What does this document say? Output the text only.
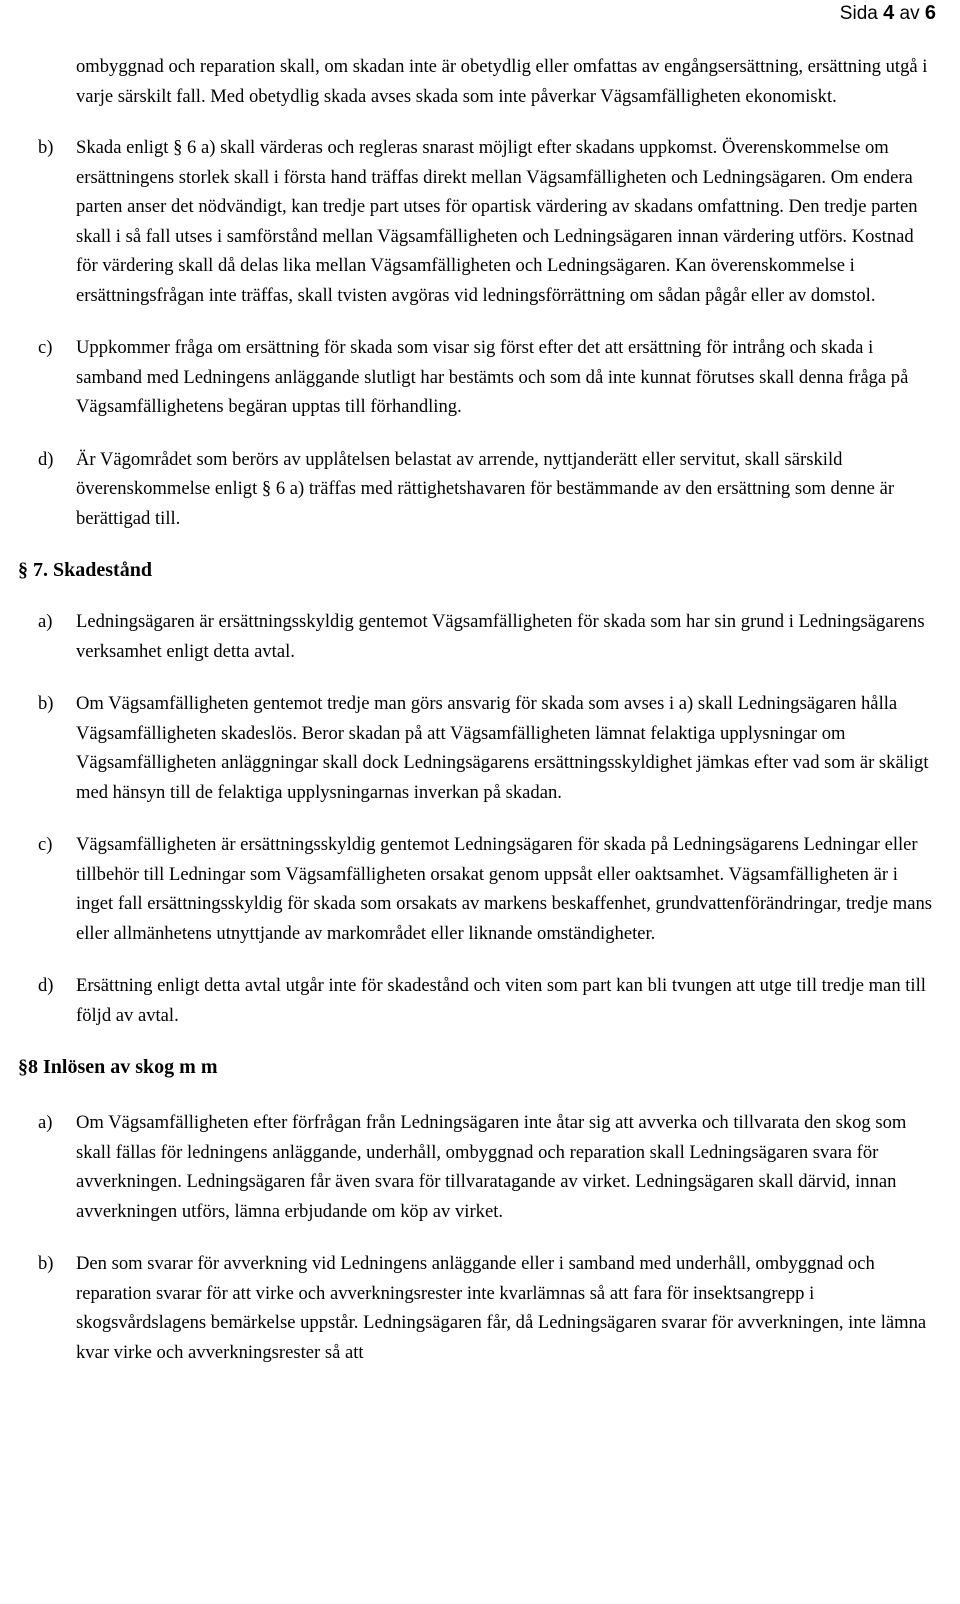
Sida 4 av 6

ombyggnad och reparation skall, om skadan inte är obetydlig eller omfattas av engångsersättning, ersättning utgå i varje särskilt fall. Med obetydlig skada avses skada som inte påverkar Vägsamfälligheten ekonomiskt.

b)	Skada enligt § 6 a) skall värderas och regleras snarast möjligt efter skadans uppkomst. Överenskommelse om ersättningens storlek skall i första hand träffas direkt mellan Vägsamfälligheten och Ledningsägaren. Om endera parten anser det nödvändigt, kan tredje part utses för opartisk värdering av skadans omfattning. Den tredje parten skall i så fall utses i samförstånd mellan Vägsamfälligheten och Ledningsägaren innan värdering utförs. Kostnad för värdering skall då delas lika mellan Vägsamfälligheten och Ledningsägaren. Kan överenskommelse i ersättningsfrågan inte träffas, skall tvisten avgöras vid ledningsförrättning om sådan pågår eller av domstol.
c)	Uppkommer fråga om ersättning för skada som visar sig först efter det att ersättning för intrång och skada i samband med Ledningens anläggande slutligt har bestämts och som då inte kunnat förutses skall denna fråga på Vägsamfällighetens begäran upptas till förhandling.
d)	Är Vägområdet som berörs av upplåtelsen belastat av arrende, nyttjanderätt eller servitut, skall särskild överenskommelse enligt § 6 a) träffas med rättighetshavaren för bestämmande av den ersättning som denne är berättigad till.
§ 7. Skadestånd
a)	Ledningsägaren är ersättningsskyldig gentemot Vägsamfälligheten för skada som har sin grund i Ledningsägarens verksamhet enligt detta avtal.
b)	Om Vägsamfälligheten gentemot tredje man görs ansvarig för skada som avses i a) skall Ledningsägaren hålla Vägsamfälligheten skadeslös. Beror skadan på att Vägsamfälligheten lämnat felaktiga upplysningar om Vägsamfälligheten anläggningar skall dock Ledningsägarens ersättningsskyldighet jämkas efter vad som är skäligt med hänsyn till de felaktiga upplysningarnas inverkan på skadan.
c)	Vägsamfälligheten är ersättningsskyldig gentemot Ledningsägaren för skada på Ledningsägarens Ledningar eller tillbehör till Ledningar som Vägsamfälligheten orsakat genom uppsåt eller oaktsamhet. Vägsamfälligheten är i inget fall ersättningsskyldig för skada som orsakats av markens beskaffenhet, grundvattenförändringar, tredje mans eller allmänhetens utnyttjande av markområdet eller liknande omständigheter.
d)	Ersättning enligt detta avtal utgår inte för skadestånd och viten som part kan bli tvungen att utge till tredje man till följd av avtal.
§8 Inlösen av skog m m
a)	Om Vägsamfälligheten efter förfrågan från Ledningsägaren inte åtar sig att avverka och tillvarata den skog som skall fällas för ledningens anläggande, underhåll, ombyggnad och reparation skall Ledningsägaren svara för avverkningen. Ledningsägaren får även svara för tillvaratagande av virket. Ledningsägaren skall därvid, innan avverkningen utförs, lämna erbjudande om köp av virket.
b)	Den som svarar för avverkning vid Ledningens anläggande eller i samband med underhåll, ombyggnad och reparation svarar för att virke och avverkningsrester inte kvarlämnas så att fara för insektsangrepp i skogsvårdslagens bemärkelse uppstår. Ledningsägaren får, då Ledningsägaren svarar för avverkningen, inte lämna kvar virke och avverkningsrester så att
